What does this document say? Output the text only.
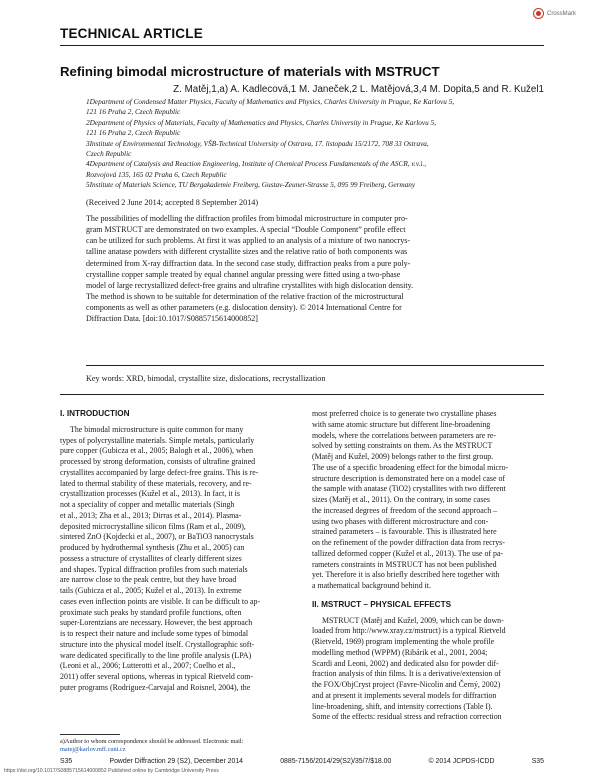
CrossMark
TECHNICAL ARTICLE
Refining bimodal microstructure of materials with MSTRUCT
Z. Matěj,1,a) A. Kadlecová,1 M. Janeček,2 L. Matějová,3,4 M. Dopita,5 and R. Kužel1

1Department of Condensed Matter Physics, Faculty of Mathematics and Physics, Charles University in Prague, Ke Karlovu 5,

121 16 Praha 2, Czech Republic

2Department of Physics of Materials, Faculty of Mathematics and Physics, Charles University in Prague, Ke Karlovu 5,

121 16 Praha 2, Czech Republic

3Institute of Environmental Technology, VŠB-Technical University of Ostrava, 17. listopadu 15/2172, 708 33 Ostrava,

Czech Republic

4Department of Catalysis and Reaction Engineering, Institute of Chemical Process Fundamentals of the ASCR, v.v.i.,

Rozvojová 135, 165 02 Praha 6, Czech Republic

5Institute of Materials Science, TU Bergakademie Freiberg, Gustav-Zeuner-Strasse 5, 095 99 Freiberg, Germany

(Received 2 June 2014; accepted 8 September 2014)

The possibilities of modelling the diffraction profiles from bimodal microstructure in computer pro-

gram MSTRUCT are demonstrated on two examples. A special “Double Component” profile effect

can be utilized for such problems. At first it was applied to an analysis of a mixture of two nanocrys-

talline anatase powders with different crystallite sizes and the relative ratio of both components was

determined from X-ray diffraction data. In the second case study, diffraction peaks from a pure poly-

crystalline copper sample treated by equal channel angular pressing were fitted using a two-phase

model of large recrystallized defect-free grains and ultrafine crystallites with high dislocation density.

The method is shown to be suitable for determination of the relative fraction of the microstructural

components as well as other parameters (e.g. dislocation density). © 2014 International Centre for

Diffraction Data. [doi:10.1017/S0885715614000852]

Key words: XRD, bimodal, crystallite size, dislocations, recrystallization
I. INTRODUCTION

The bimodal microstructure is quite common for many

types of polycrystalline materials. Simple metals, particularly

pure copper (Gubicza et al., 2005; Balogh et al., 2006), when

processed by strong deformation, consists of ultrafine grained

crystallites accompanied by large defect-free grains. This is re-

lated to thermal stability of these materials, recovery, and re-

crystallization processes (Kužel et al., 2013). In fact, it is

not a speciality of copper and metallic materials (Singh

et al., 2013; Zha et al., 2013; Dirras et al., 2014). Plasma-

deposited microcrystalline silicon films (Ram et al., 2009),

sintered ZnO (Kojdecki et al., 2007), or BaTiO3 nanocrystals

produced by hydrothermal synthesis (Zhu et al., 2005) can

possess a structure of crystallites of clearly different sizes

and shapes. Typical diffraction profiles from such materials

are narrow close to the peak centre, but they have broad

tails (Gubicza et al., 2005; Kužel et al., 2013). In extreme

cases even inflection points are visible. It can be difficult to ap-

proximate such peaks by standard profile functions, often

super-Lorentzians are necessary. However, the best approach

is to respect their nature and include some types of bimodal

structure into the physical model itself. Crystallographic soft-

ware dedicated specifically to the line profile analysis (LPA)

(Leoni et al., 2006; Lutterotti et al., 2007; Coelho et al.,

2011) offer several options, whereas in typical Rietveld com-

puter programs (Rodriguez-Carvajal and Roisnel, 2004), the

most preferred choice is to generate two crystalline phases

with same atomic structure but different line-broadening

models, where the correlations between parameters are re-

solved by setting constraints on them. As the MSTRUCT

(Matěj and Kužel, 2009) belongs rather to the first group.

The use of a specific broadening effect for the bimodal micro-

structure description is demonstrated here on a model case of

the sample with anatase (TiO2) crystallites with two different

sizes (Matěj et al., 2011). On the contrary, in some cases

the increased degrees of freedom of the second approach –

using two phases with different microstructure and con-

strained parameters – is favourable. This is illustrated here

on the refinement of the powder diffraction data from recrys-

tallized deformed copper (Kužel et al., 2013). The use of pa-

rameters constraints in MSTRUCT has not been published

yet. Therefore it is also briefly described here together with

a mathematical background behind it.

II. MSTRUCT – PHYSICAL EFFECTS

MSTRUCT (Matěj and Kužel, 2009, which can be down-

loaded from http://www.xray.cz/mstruct) is a typical Rietveld

(Rietveld, 1969) program implementing the whole profile

modelling method (WPPM) (Ribárik et al., 2001, 2004;

Scardi and Leoni, 2002) and dedicated also for powder dif-

fraction analysis of thin films. It is a derivative/extension of

the FOX/ObjCryst project (Favre-Nicolin and Černý, 2002)

and at present it implements several models for diffraction

line-broadening, shift, and intensity corrections (Table I).

Some of the effects: residual stress and refraction correction

a)Author to whom correspondence should be addressed. Electronic mail:
matej@karlov.mff.cuni.cz
S35	Powder Diffraction 29 (S2), December 2014	0885-7156/2014/29(S2)/35/7/$18.00	© 2014 JCPDS-ICDD	S35
https://doi.org/10.1017/S0885715614000852 Published online by Cambridge University Press
